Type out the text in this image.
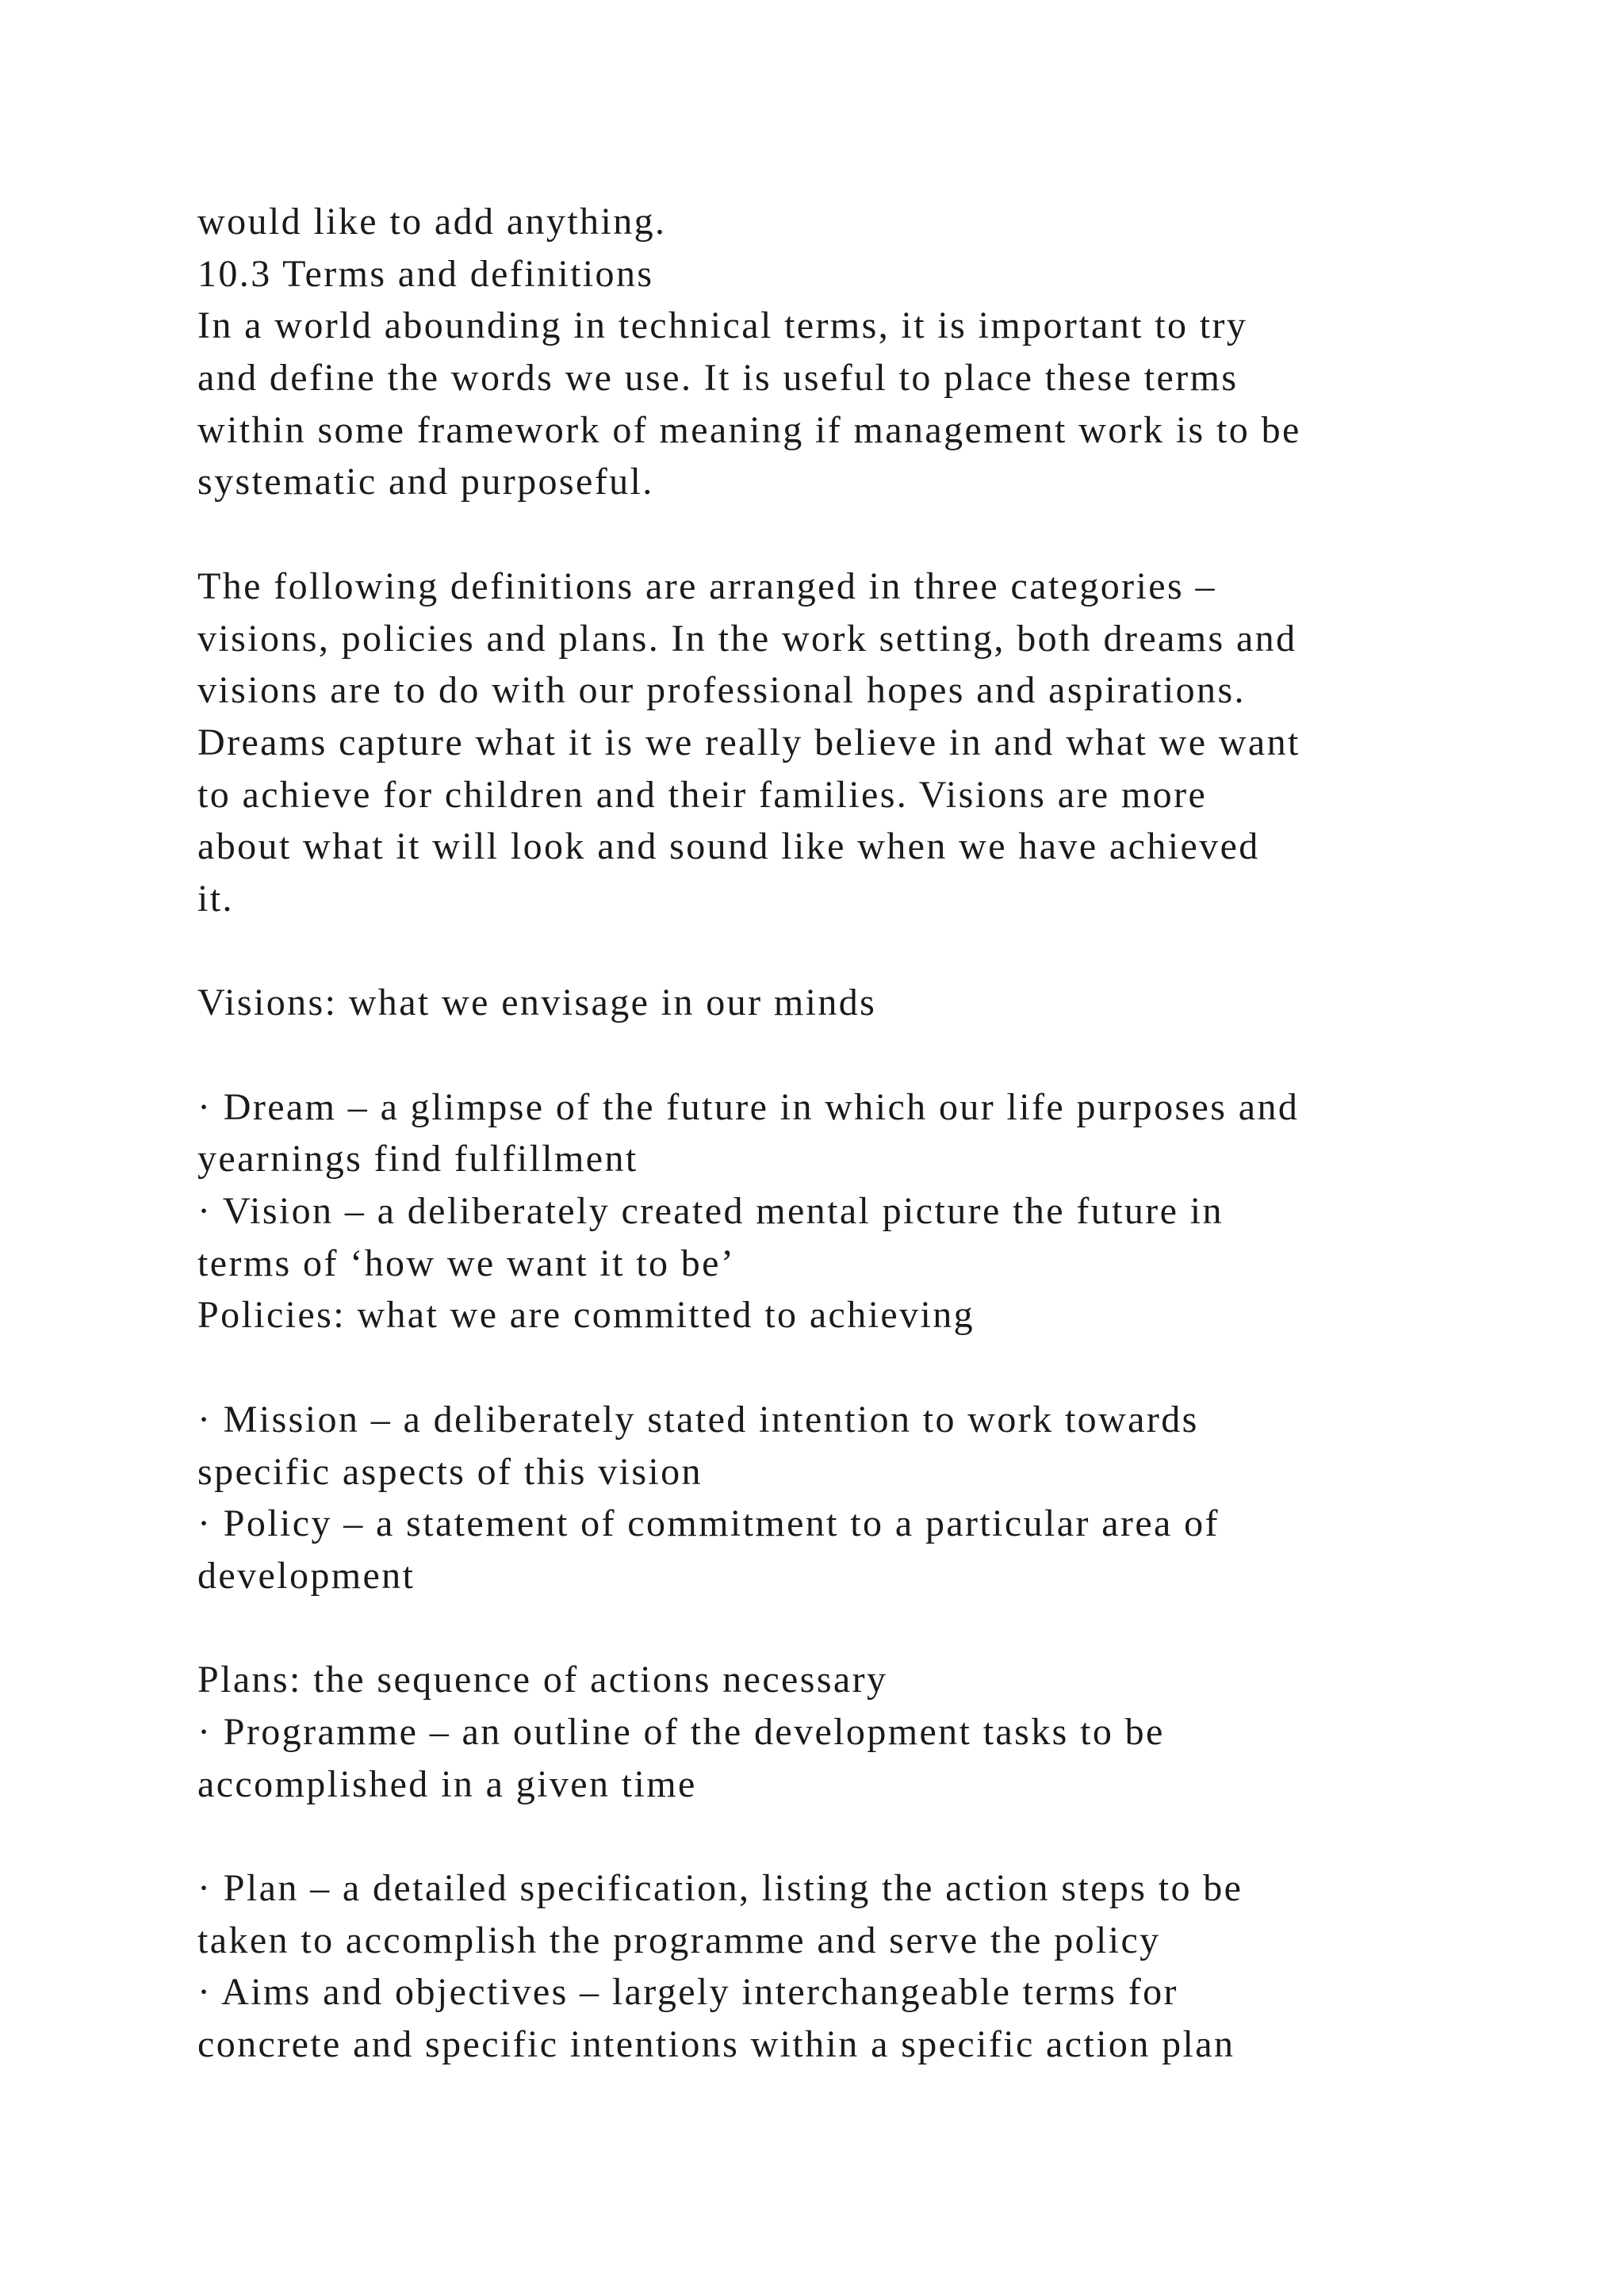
would like to add anything.
10.3 Terms and definitions
In a world abounding in technical terms, it is important to try
and define the words we use. It is useful to place these terms
within some framework of meaning if management work is to be
systematic and purposeful.
The following definitions are arranged in three categories –
visions, policies and plans. In the work setting, both dreams and
visions are to do with our professional hopes and aspirations.
Dreams capture what it is we really believe in and what we want
to achieve for children and their families. Visions are more
about what it will look and sound like when we have achieved
it.
Visions: what we envisage in our minds
· Dream – a glimpse of the future in which our life purposes and
yearnings find fulfillment
· Vision – a deliberately created mental picture the future in
terms of ‘how we want it to be’
Policies: what we are committed to achieving
· Mission – a deliberately stated intention to work towards
specific aspects of this vision
· Policy – a statement of commitment to a particular area of
development
Plans: the sequence of actions necessary
· Programme – an outline of the development tasks to be
accomplished in a given time
· Plan – a detailed specification, listing the action steps to be
taken to accomplish the programme and serve the policy
· Aims and objectives – largely interchangeable terms for
concrete and specific intentions within a specific action plan
